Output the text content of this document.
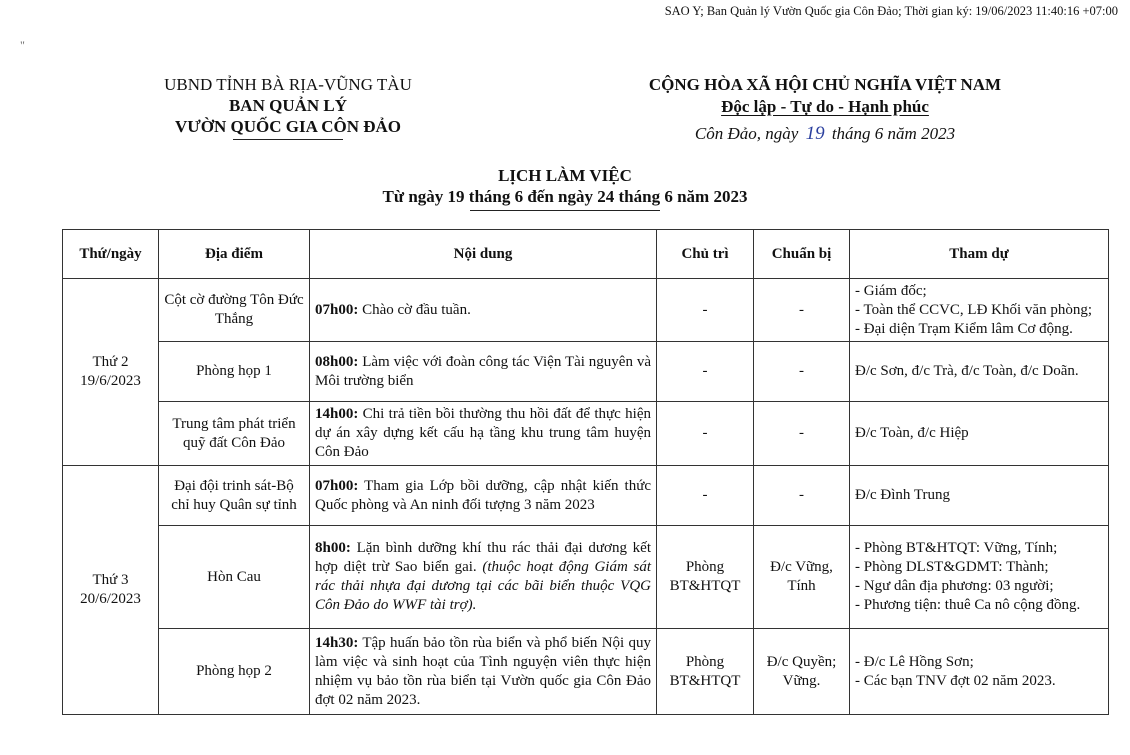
SAO Y; Ban Quản lý Vườn Quốc gia Côn Đảo; Thời gian ký: 19/06/2023 11:40:16 +07:00
"
UBND TỈNH BÀ RỊA-VŨNG TÀU
BAN QUẢN LÝ
VƯỜN QUỐC GIA CÔN ĐẢO
CỘNG HÒA XÃ HỘI CHỦ NGHĨA VIỆT NAM
Độc lập - Tự do - Hạnh phúc
Côn Đảo, ngày 19 tháng 6 năm 2023
LỊCH LÀM VIỆC
Từ ngày 19 tháng 6 đến ngày 24 tháng 6 năm 2023
Thứ/ngày	Địa điểm	Nội dung	Chủ trì	Chuẩn bị	Tham dự

Thứ 2
19/6/2023	Cột cờ đường Tôn Đức Thắng	07h00: Chào cờ đầu tuần.	-	-	- Giám đốc;
- Toàn thể CCVC, LĐ Khối văn phòng;
- Đại diện Trạm Kiểm lâm Cơ động.

	Phòng họp 1	08h00: Làm việc với đoàn công tác Viện Tài nguyên và Môi trường biển	-	-	Đ/c Sơn, đ/c Trà, đ/c Toàn, đ/c Doãn.

	Trung tâm phát triển quỹ đất Côn Đảo	14h00: Chi trả tiền bồi thường thu hồi đất để thực hiện dự án xây dựng kết cấu hạ tầng khu trung tâm huyện Côn Đảo	-	-	Đ/c Toàn, đ/c Hiệp

Thứ 3
20/6/2023	Đại đội trinh sát-Bộ chỉ huy Quân sự tỉnh	07h00: Tham gia Lớp bồi dưỡng, cập nhật kiến thức Quốc phòng và An ninh đối tượng 3 năm 2023	-	-	Đ/c Đình Trung

	Hòn Cau	8h00: Lặn bình dưỡng khí thu rác thải đại dương kết hợp diệt trừ Sao biển gai. (thuộc hoạt động Giám sát rác thải nhựa đại dương tại các bãi biển thuộc VQG Côn Đảo do WWF tài trợ).	Phòng BT&HTQT	Đ/c Vững, Tính	- Phòng BT&HTQT: Vững, Tính;
- Phòng DLST&GDMT: Thành;
- Ngư dân địa phương: 03 người;
- Phương tiện: thuê Ca nô cộng đồng.

	Phòng họp 2	14h30: Tập huấn bảo tồn rùa biển và phổ biến Nội quy làm việc và sinh hoạt của Tình nguyện viên thực hiện nhiệm vụ bảo tồn rùa biển tại Vườn quốc gia Côn Đảo đợt 02 năm 2023.	Phòng BT&HTQT	Đ/c Quyền; Vững.	- Đ/c Lê Hồng Sơn;
- Các bạn TNV đợt 02 năm 2023.
